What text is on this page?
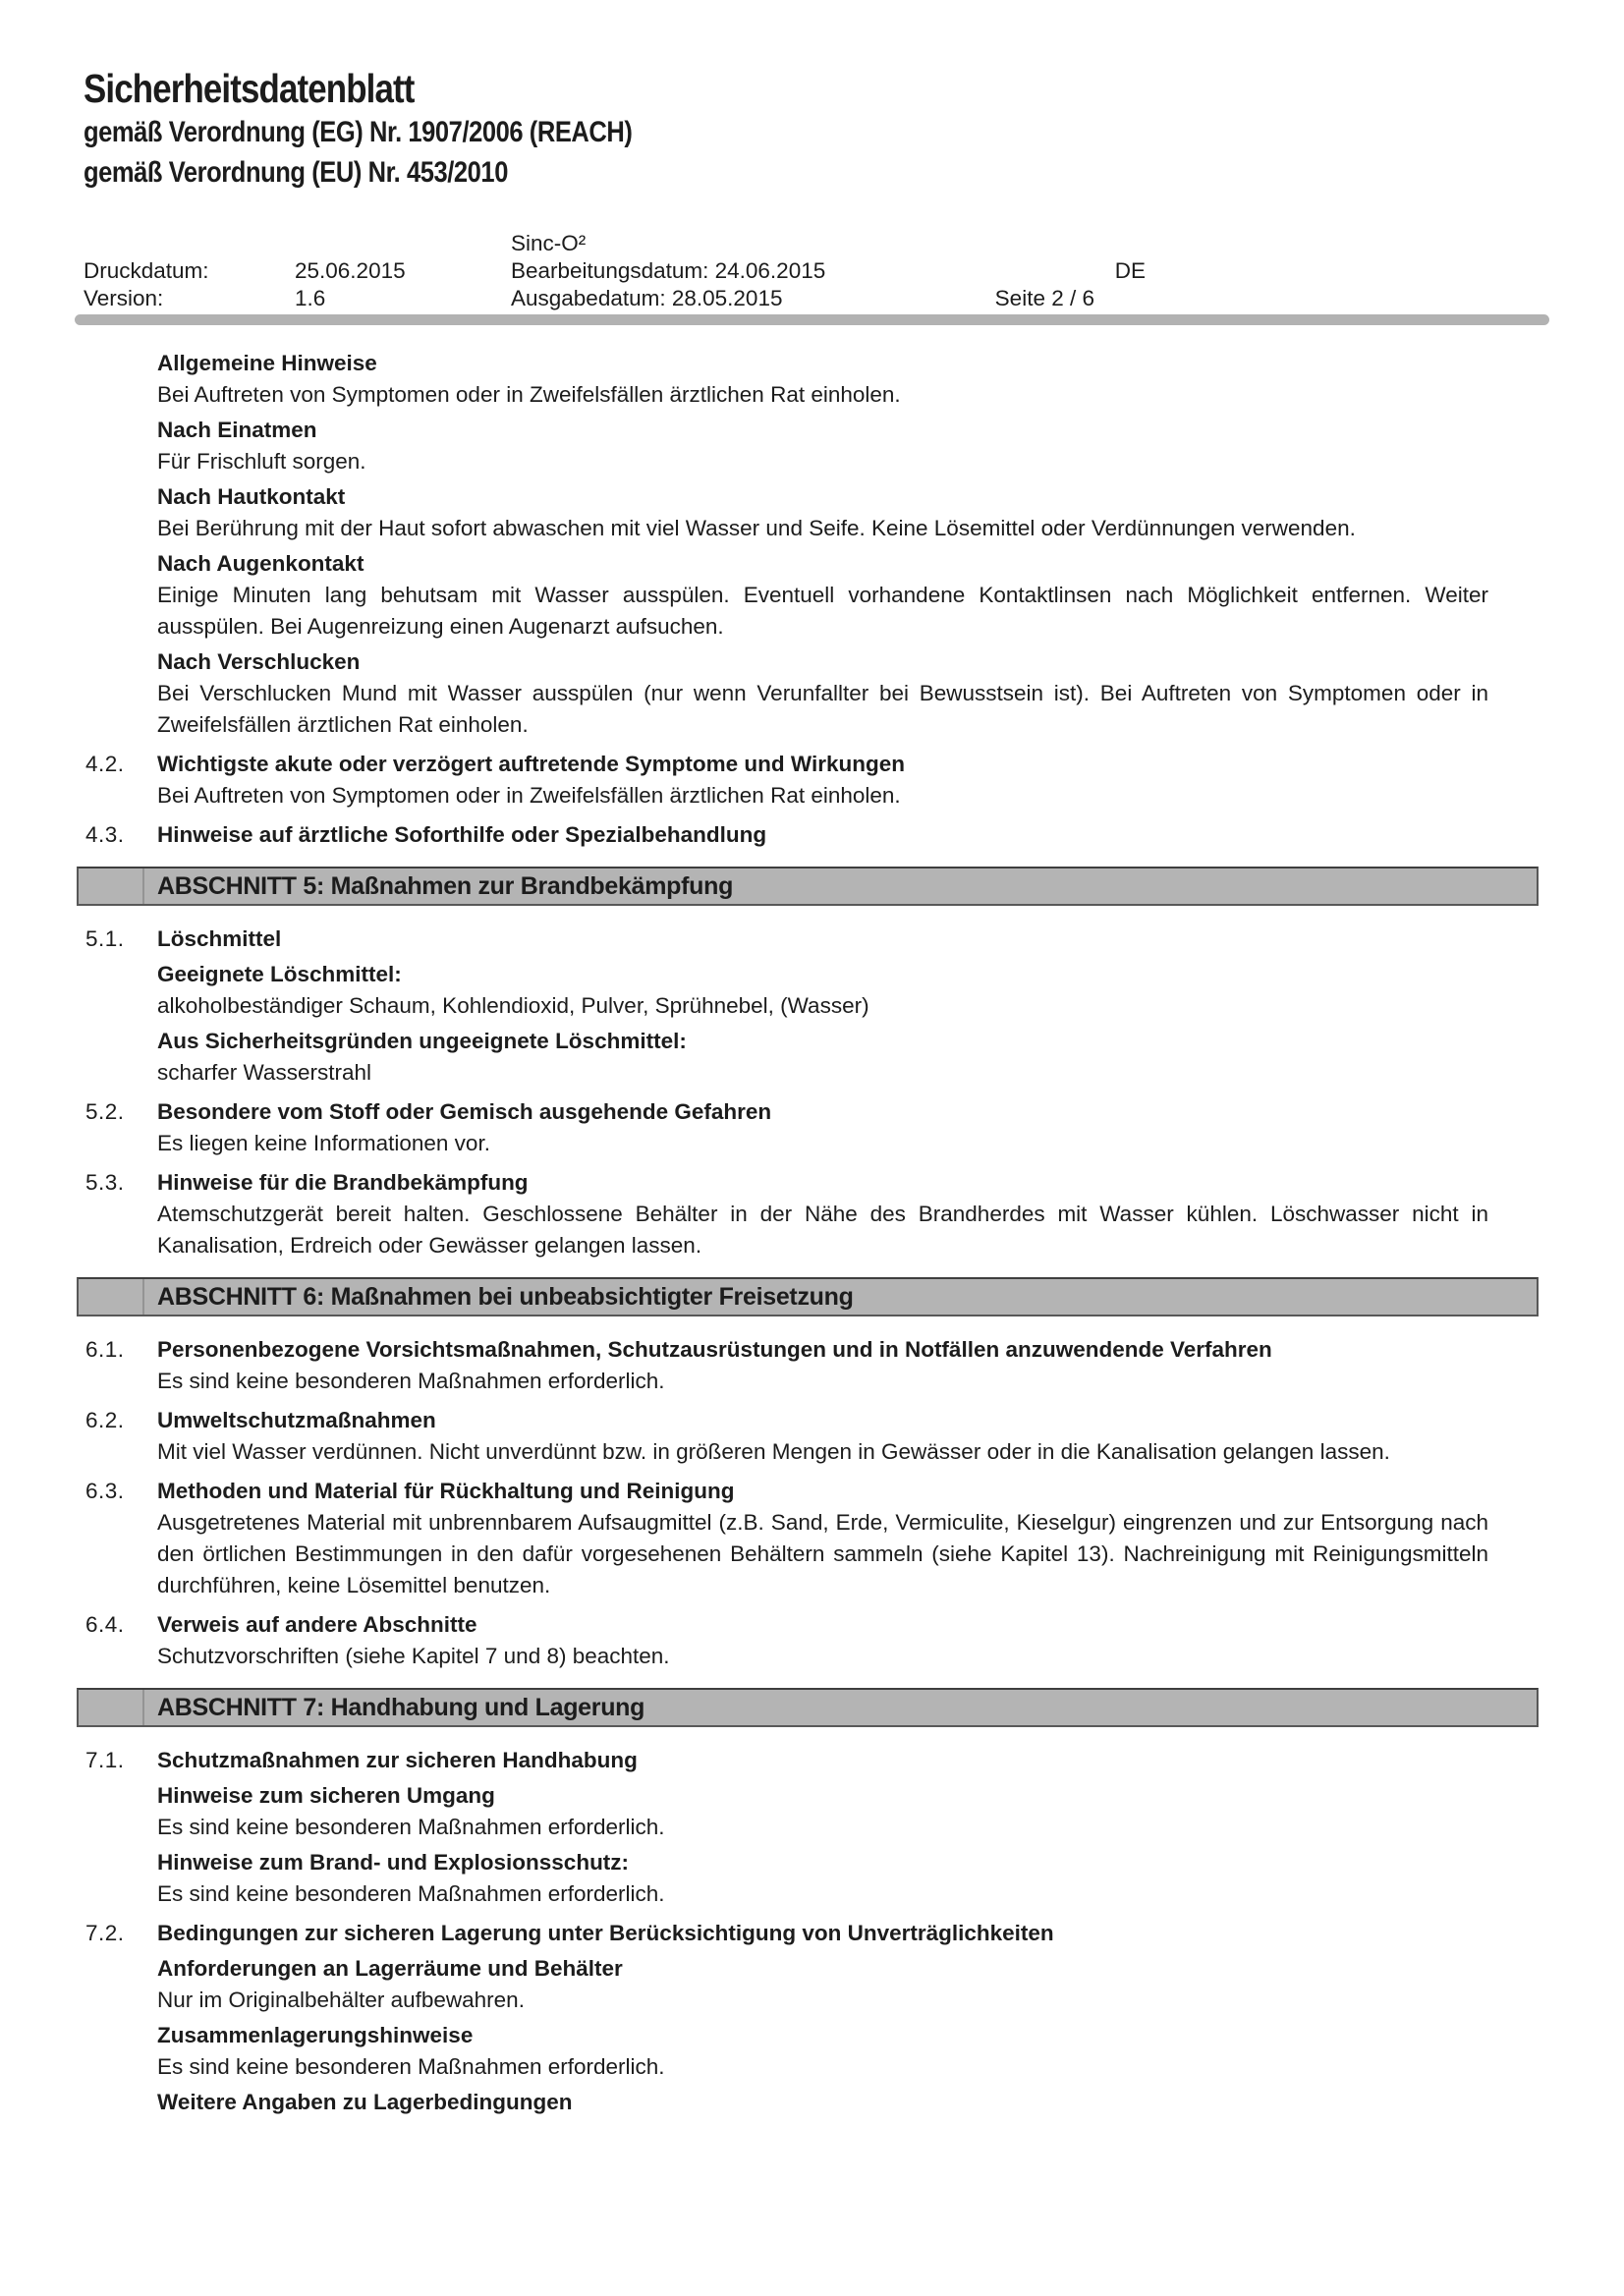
Sicherheitsdatenblatt
gemäß Verordnung (EG) Nr. 1907/2006 (REACH)
gemäß Verordnung (EU) Nr. 453/2010
Sinc-O²
Druckdatum:	25.06.2015	Bearbeitungsdatum: 24.06.2015	DE
Version:	1.6	Ausgabedatum: 28.05.2015	Seite 2 / 6
Allgemeine Hinweise
Bei Auftreten von Symptomen oder in Zweifelsfällen ärztlichen Rat einholen.
Nach Einatmen
Für Frischluft sorgen.
Nach Hautkontakt
Bei Berührung mit der Haut sofort abwaschen mit viel Wasser und Seife. Keine Lösemittel oder Verdünnungen verwenden.
Nach Augenkontakt
Einige Minuten lang behutsam mit Wasser ausspülen. Eventuell vorhandene Kontaktlinsen nach Möglichkeit entfernen. Weiter ausspülen. Bei Augenreizung einen Augenarzt aufsuchen.
Nach Verschlucken
Bei Verschlucken Mund mit Wasser ausspülen (nur wenn Verunfallter bei Bewusstsein ist). Bei Auftreten von Symptomen oder in Zweifelsfällen ärztlichen Rat einholen.
4.2. Wichtigste akute oder verzögert auftretende Symptome und Wirkungen
Bei Auftreten von Symptomen oder in Zweifelsfällen ärztlichen Rat einholen.
4.3. Hinweise auf ärztliche Soforthilfe oder Spezialbehandlung
ABSCHNITT 5: Maßnahmen zur Brandbekämpfung
5.1. Löschmittel
Geeignete Löschmittel:
alkoholbeständiger Schaum, Kohlendioxid, Pulver, Sprühnebel, (Wasser)
Aus Sicherheitsgründen ungeeignete Löschmittel:
scharfer Wasserstrahl
5.2. Besondere vom Stoff oder Gemisch ausgehende Gefahren
Es liegen keine Informationen vor.
5.3. Hinweise für die Brandbekämpfung
Atemschutzgerät bereit halten. Geschlossene Behälter in der Nähe des Brandherdes mit Wasser kühlen. Löschwasser nicht in Kanalisation, Erdreich oder Gewässer gelangen lassen.
ABSCHNITT 6: Maßnahmen bei unbeabsichtigter Freisetzung
6.1. Personenbezogene Vorsichtsmaßnahmen, Schutzausrüstungen und in Notfällen anzuwendende Verfahren
Es sind keine besonderen Maßnahmen erforderlich.
6.2. Umweltschutzmaßnahmen
Mit viel Wasser verdünnen. Nicht unverdünnt bzw. in größeren Mengen in Gewässer oder in die Kanalisation gelangen lassen.
6.3. Methoden und Material für Rückhaltung und Reinigung
Ausgetretenes Material mit unbrennbarem Aufsaugmittel (z.B. Sand, Erde, Vermiculite, Kieselgur) eingrenzen und zur Entsorgung nach den örtlichen Bestimmungen in den dafür vorgesehenen Behältern sammeln (siehe Kapitel 13). Nachreinigung mit Reinigungsmitteln durchführen, keine Lösemittel benutzen.
6.4. Verweis auf andere Abschnitte
Schutzvorschriften (siehe Kapitel 7 und 8) beachten.
ABSCHNITT 7: Handhabung und Lagerung
7.1. Schutzmaßnahmen zur sicheren Handhabung
Hinweise zum sicheren Umgang
Es sind keine besonderen Maßnahmen erforderlich.
Hinweise zum Brand- und Explosionsschutz:
Es sind keine besonderen Maßnahmen erforderlich.
7.2. Bedingungen zur sicheren Lagerung unter Berücksichtigung von Unverträglichkeiten
Anforderungen an Lagerräume und Behälter
Nur im Originalbehälter aufbewahren.
Zusammenlagerungshinweise
Es sind keine besonderen Maßnahmen erforderlich.
Weitere Angaben zu Lagerbedingungen
